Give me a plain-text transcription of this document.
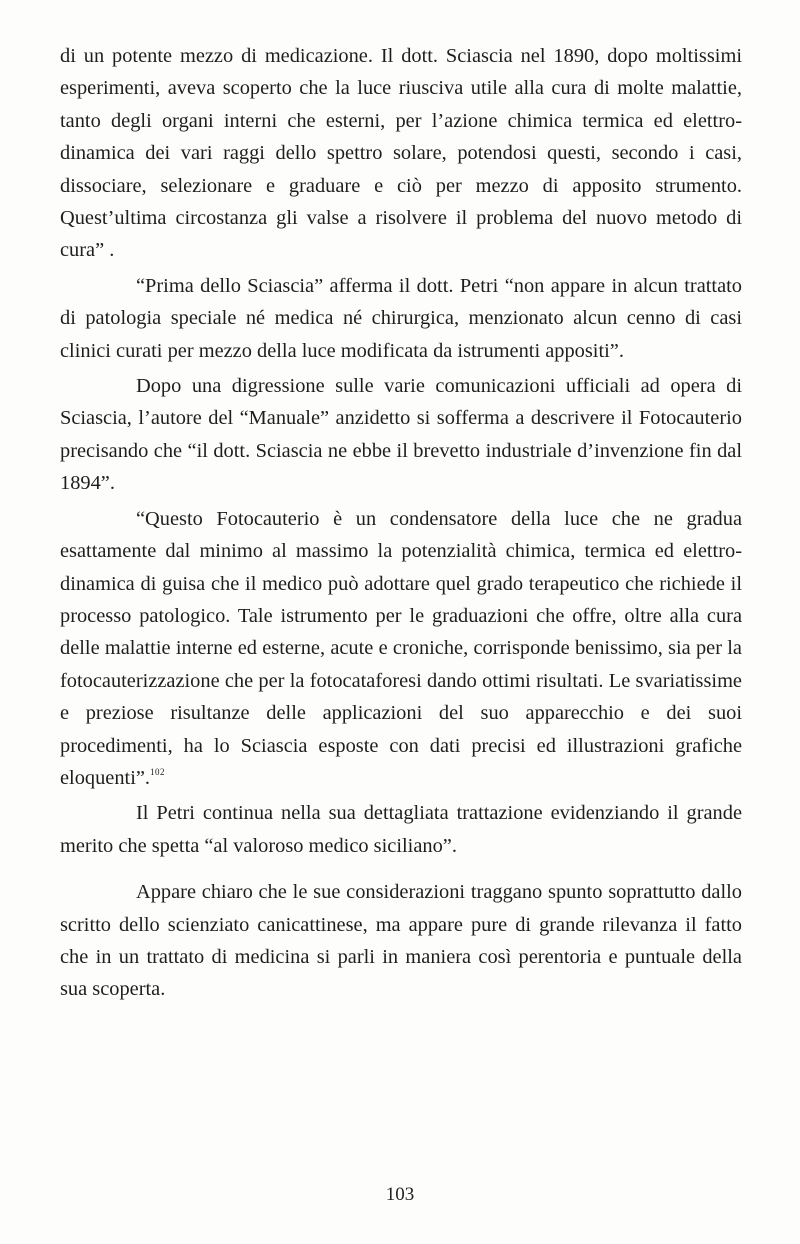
di un potente mezzo di medicazione. Il dott. Sciascia nel 1890, dopo moltissimi esperimenti, aveva scoperto che la luce riusciva utile alla cura di molte malattie, tanto degli organi interni che esterni, per l’azione chimica termica ed elettro-dinamica dei vari raggi dello spettro solare, potendosi questi, secondo i casi, dissociare, selezionare e graduare e ciò per mezzo di apposito strumento. Quest’ultima circostanza gli valse a risolvere il problema del nuovo metodo di cura” .

“Prima dello Sciascia” afferma il dott. Petri “non appare in alcun trattato di patologia speciale né medica né chirurgica, menzionato alcun cenno di casi clinici curati per mezzo della luce modificata da istrumenti appositi”.

Dopo una digressione sulle varie comunicazioni ufficiali ad opera di Sciascia, l’autore del “Manuale” anzidetto si sofferma a descrivere il Fotocauterio precisando che “il dott. Sciascia ne ebbe il brevetto industriale d’invenzione fin dal 1894”.

“Questo Fotocauterio è un condensatore della luce che ne gradua esattamente dal minimo al massimo la potenzialità chimica, termica ed elettro-dinamica di guisa che il medico può adottare quel grado terapeutico che richiede il processo patologico. Tale istrumento per le graduazioni che offre, oltre alla cura delle malattie interne ed esterne, acute e croniche, corrisponde benissimo, sia per la fotocauterizzazione che per la fotocataforesi dando ottimi risultati. Le svariatissime e preziose risultanze delle applicazioni del suo apparecchio e dei suoi procedimenti, ha lo Sciascia esposte con dati precisi ed illustrazioni grafiche eloquenti”.$^{102}$

Il Petri continua nella sua dettagliata trattazione evidenziando il grande merito che spetta “al valoroso medico siciliano”.

Appare chiaro che le sue considerazioni traggano spunto soprattutto dallo scritto dello scienziato canicattinese, ma appare pure di grande rilevanza il fatto che in un trattato di medicina si parli in maniera così perentoria e puntuale della sua scoperta.

103
